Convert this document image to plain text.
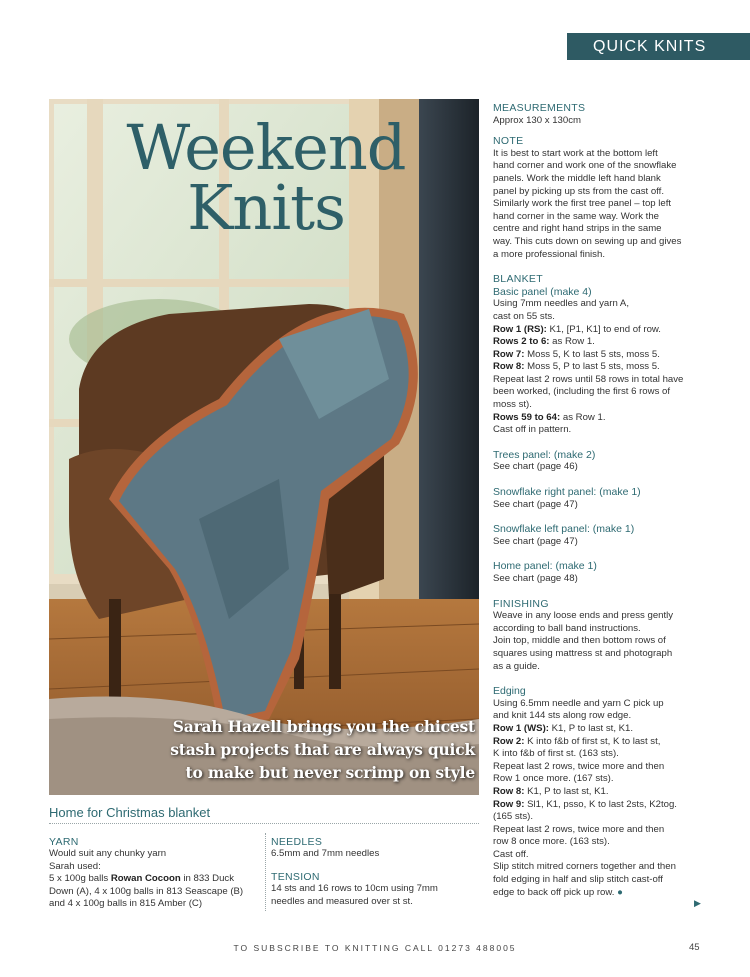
QUICK KNITS
Weekend
Knits
Sarah Hazell brings you the chicest
stash projects that are always quick
to make but never scrimp on style
Home for Christmas blanket

YARN

Would suit any chunky yarn

Sarah used:

5 x 100g balls Rowan Cocoon in 833 Duck

Down (A), 4 x 100g balls in 813 Seascape (B)

and 4 x 100g balls in 815 Amber (C)

NEEDLES

6.5mm and 7mm needles

TENSION

14 sts and 16 rows to 10cm using 7mm

needles and measured over st st.

MEASUREMENTS

Approx 130 x 130cm

NOTE

It is best to start work at the bottom left

hand corner and work one of the snowflake

panels. Work the middle left hand blank

panel by picking up sts from the cast off.

Similarly work the first tree panel – top left

hand corner in the same way. Work the

centre and right hand strips in the same

way. This cuts down on sewing up and gives

a more professional finish.

BLANKET

Basic panel (make 4)

Using 7mm needles and yarn A,

cast on 55 sts.

Row 1 (RS): K1, [P1, K1] to end of row.

Rows 2 to 6: as Row 1.

Row 7: Moss 5, K to last 5 sts, moss 5.

Row 8: Moss 5, P to last 5 sts, moss 5.

Repeat last 2 rows until 58 rows in total have

been worked, (including the first 6 rows of

moss st).

Rows 59 to 64: as Row 1.

Cast off in pattern.

Trees panel: (make 2)

See chart (page 46)

Snowflake right panel: (make 1)

See chart (page 47)

Snowflake left panel: (make 1)

See chart (page 47)

Home panel: (make 1)

See chart (page 48)

FINISHING

Weave in any loose ends and press gently

according to ball band instructions.

Join top, middle and then bottom rows of

squares using mattress st and photograph

as a guide.

Edging

Using 6.5mm needle and yarn C pick up

and knit 144 sts along row edge.

Row 1 (WS): K1, P to last st, K1.

Row 2: K into f&b of first st, K to last st,

K into f&b of first st. (163 sts).

Repeat last 2 rows, twice more and then

Row 1 once more. (167 sts).

Row 8: K1, P to last st, K1.

Row 9: Sl1, K1, psso, K to last 2sts, K2tog.

(165 sts).

Repeat last 2 rows, twice more and then

row 8 once more. (163 sts).

Cast off.

Slip stitch mitred corners together and then

fold edging in half and slip stitch cast-off

edge to back off pick up row. ●

▶
TO SUBSCRIBE TO KNITTING CALL 01273 488005	45
